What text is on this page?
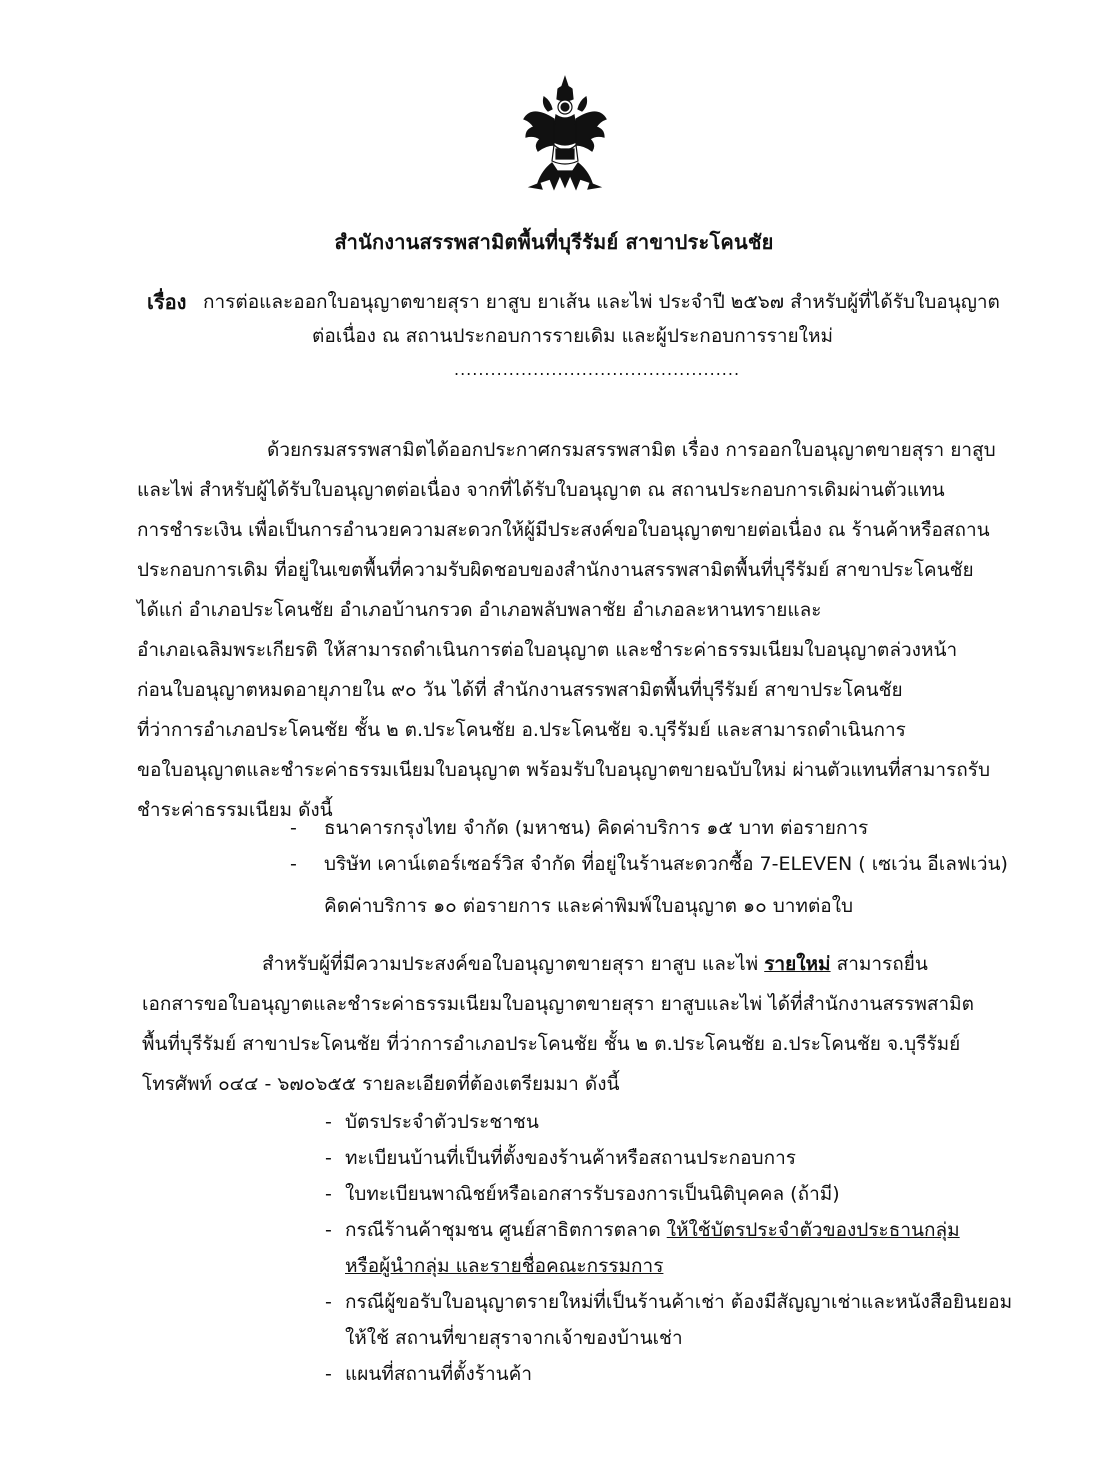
สำนักงานสรรพสามิตพื้นที่บุรีรัมย์ สาขาประโคนชัย
เรื่อง การต่อและออกใบอนุญาตขายสุรา ยาสูบ ยาเส้น และไพ่ ประจำปี ๒๕๖๗ สำหรับผู้ที่ได้รับใบอนุญาต
ต่อเนื่อง ณ สถานประกอบการรายเดิม และผู้ประกอบการรายใหม่
...............................................
ด้วยกรมสรรพสามิตได้ออกประกาศกรมสรรพสามิต เรื่อง การออกใบอนุญาตขายสุรา ยาสูบ
และไพ่ สำหรับผู้ได้รับใบอนุญาตต่อเนื่อง จากที่ได้รับใบอนุญาต ณ สถานประกอบการเดิมผ่านตัวแทน
การชำระเงิน เพื่อเป็นการอำนวยความสะดวกให้ผู้มีประสงค์ขอใบอนุญาตขายต่อเนื่อง ณ ร้านค้าหรือสถาน
ประกอบการเดิม ที่อยู่ในเขตพื้นที่ความรับผิดชอบของสำนักงานสรรพสามิตพื้นที่บุรีรัมย์ สาขาประโคนชัย
ได้แก่ อำเภอประโคนชัย อำเภอบ้านกรวด อำเภอพลับพลาชัย อำเภอละหานทรายและ
อำเภอเฉลิมพระเกียรติ ให้สามารถดำเนินการต่อใบอนุญาต และชำระค่าธรรมเนียมใบอนุญาตล่วงหน้า
ก่อนใบอนุญาตหมดอายุภายใน ๙๐ วัน ได้ที่ สำนักงานสรรพสามิตพื้นที่บุรีรัมย์ สาขาประโคนชัย
ที่ว่าการอำเภอประโคนชัย ชั้น ๒ ต.ประโคนชัย อ.ประโคนชัย จ.บุรีรัมย์ และสามารถดำเนินการ
ขอใบอนุญาตและชำระค่าธรรมเนียมใบอนุญาต พร้อมรับใบอนุญาตขายฉบับใหม่ ผ่านตัวแทนที่สามารถรับ
ชำระค่าธรรมเนียม ดังนี้
-	ธนาคารกรุงไทย จำกัด (มหาชน) คิดค่าบริการ ๑๕ บาท ต่อรายการ
-	บริษัท เคาน์เตอร์เซอร์วิส จำกัด ที่อยู่ในร้านสะดวกซื้อ 7-ELEVEN ( เซเว่น อีเลฟเว่น)
คิดค่าบริการ ๑๐ ต่อรายการ และค่าพิมพ์ใบอนุญาต ๑๐ บาทต่อใบ
สำหรับผู้ที่มีความประสงค์ขอใบอนุญาตขายสุรา ยาสูบ และไพ่ รายใหม่ สามารถยื่น
เอกสารขอใบอนุญาตและชำระค่าธรรมเนียมใบอนุญาตขายสุรา ยาสูบและไพ่ ได้ที่สำนักงานสรรพสามิต
พื้นที่บุรีรัมย์ สาขาประโคนชัย ที่ว่าการอำเภอประโคนชัย ชั้น ๒ ต.ประโคนชัย อ.ประโคนชัย จ.บุรีรัมย์
โทรศัพท์ ๐๔๔ - ๖๗๐๖๕๕ รายละเอียดที่ต้องเตรียมมา ดังนี้
- บัตรประจำตัวประชาชน
- ทะเบียนบ้านที่เป็นที่ตั้งของร้านค้าหรือสถานประกอบการ
- ใบทะเบียนพาณิชย์หรือเอกสารรับรองการเป็นนิติบุคคล (ถ้ามี)
- กรณีร้านค้าชุมชน ศูนย์สาธิตการตลาด ให้ใช้บัตรประจำตัวของประธานกลุ่ม
หรือผู้นำกลุ่ม และรายชื่อคณะกรรมการ
- กรณีผู้ขอรับใบอนุญาตรายใหม่ที่เป็นร้านค้าเช่า ต้องมีสัญญาเช่าและหนังสือยินยอม
ให้ใช้ สถานที่ขายสุราจากเจ้าของบ้านเช่า
- แผนที่สถานที่ตั้งร้านค้า
